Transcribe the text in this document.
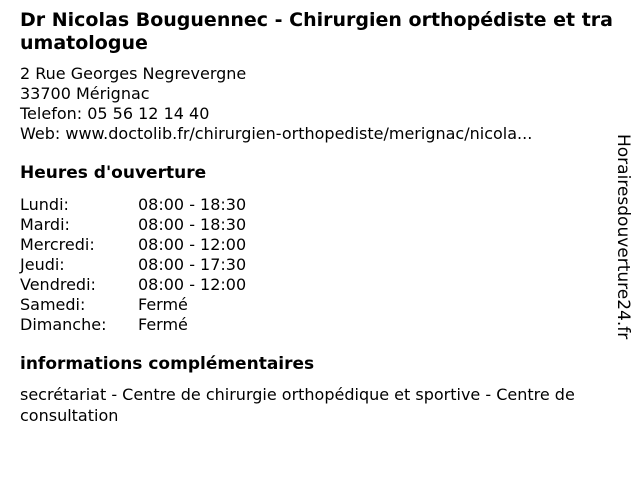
Dr Nicolas Bouguennec - Chirurgien orthopédiste et traumatologue
2 Rue Georges Negrevergne
33700 Mérignac
Telefon: 05 56 12 14 40
Web: www.doctolib.fr/chirurgien-orthopediste/merignac/nicola...
Heures d'ouverture
Lundi:	08:00 - 18:30
Mardi:	08:00 - 18:30
Mercredi:	08:00 - 12:00
Jeudi:	08:00 - 17:30
Vendredi:	08:00 - 12:00
Samedi:	Fermé
Dimanche:	Fermé
informations complémentaires
secrétariat - Centre de chirurgie orthopédique et sportive - Centre de consultation
Horairesdouverture24.fr
